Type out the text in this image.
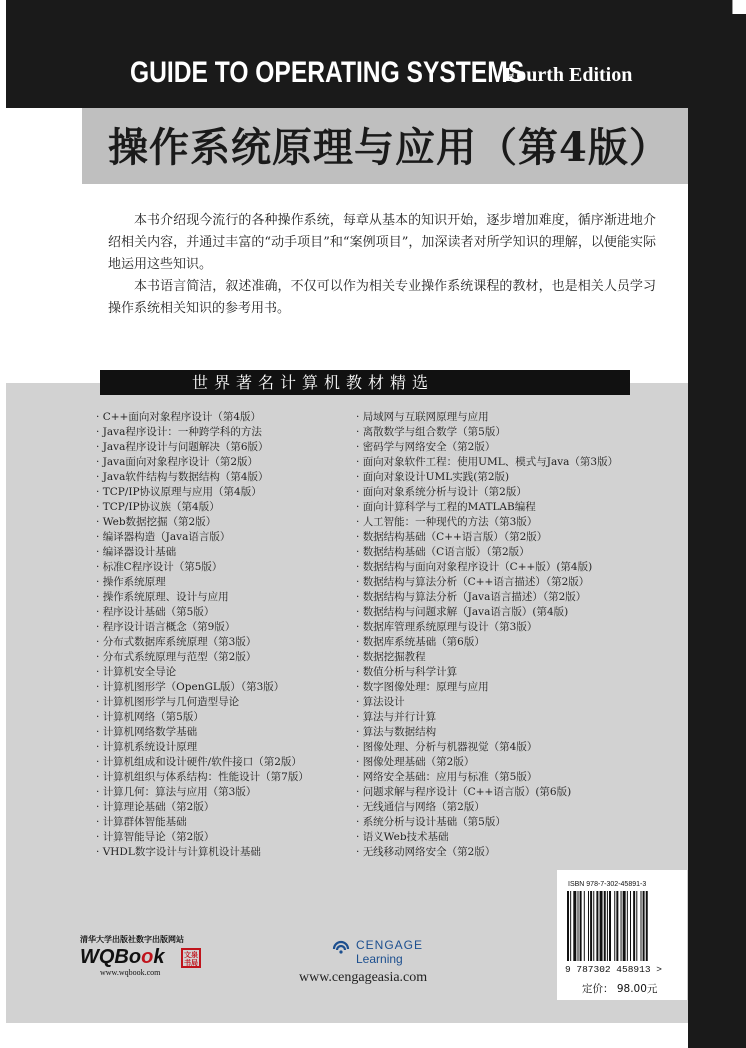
GUIDE TO OPERATING SYSTEMS
Fourth Edition
操作系统原理与应用（第4版）

本书介绍现今流行的各种操作系统，每章从基本的知识开始，逐步增加难度，循序渐进地介绍相关内容，并通过丰富的“动手项目”和“案例项目”，加深读者对所学知识的理解，以便能实际地运用这些知识。

本书语言简洁，叙述准确，不仅可以作为相关专业操作系统课程的教材，也是相关人员学习操作系统相关知识的参考用书。

世界著名计算机教材精选
· C++面向对象程序设计（第4版）
· Java程序设计：一种跨学科的方法
· Java程序设计与问题解决（第6版）
· Java面向对象程序设计（第2版）
· Java软件结构与数据结构（第4版）
· TCP/IP协议原理与应用（第4版）
· TCP/IP协议族（第4版）
· Web数据挖掘（第2版）
· 编译器构造（Java语言版）
· 编译器设计基础
· 标准C程序设计（第5版）
· 操作系统原理
· 操作系统原理、设计与应用
· 程序设计基础（第5版）
· 程序设计语言概念（第9版）
· 分布式数据库系统原理（第3版）
· 分布式系统原理与范型（第2版）
· 计算机安全导论
· 计算机图形学（OpenGL版）（第3版）
· 计算机图形学与几何造型导论
· 计算机网络（第5版）
· 计算机网络数学基础
· 计算机系统设计原理
· 计算机组成和设计硬件/软件接口（第2版）
· 计算机组织与体系结构：性能设计（第7版）
· 计算几何：算法与应用（第3版）
· 计算理论基础（第2版）
· 计算群体智能基础
· 计算智能导论（第2版）
· VHDL数字设计与计算机设计基础
· 局域网与互联网原理与应用
· 离散数学与组合数学（第5版）
· 密码学与网络安全（第2版）
· 面向对象软件工程：使用UML、模式与Java（第3版）
· 面向对象设计UML实践(第2版)
· 面向对象系统分析与设计（第2版）
· 面向计算科学与工程的MATLAB编程
· 人工智能：一种现代的方法（第3版）
· 数据结构基础（C++语言版）（第2版）
· 数据结构基础（C语言版）（第2版）
· 数据结构与面向对象程序设计（C++版）(第4版)
· 数据结构与算法分析（C++语言描述）（第2版）
· 数据结构与算法分析（Java语言描述）（第2版）
· 数据结构与问题求解（Java语言版）(第4版)
· 数据库管理系统原理与设计（第3版）
· 数据库系统基础（第6版）
· 数据挖掘教程
· 数值分析与科学计算
· 数字图像处理：原理与应用
· 算法设计
· 算法与并行计算
· 算法与数据结构
· 图像处理、分析与机器视觉（第4版）
· 图像处理基础（第2版）
· 网络安全基础：应用与标准（第5版）
· 问题求解与程序设计（C++语言版）(第6版)
· 无线通信与网络（第2版）
· 系统分析与设计基础（第5版）
· 语义Web技术基础
· 无线移动网络安全（第2版）
ISBN 978-7-302-45891-3
9 787302 458913 >
定价： 98.00元
清华大学出版社数字出版网站
WQBook	文泉
书局
www.wqbook.com
CENGAGE
Learning
www.cengageasia.com
